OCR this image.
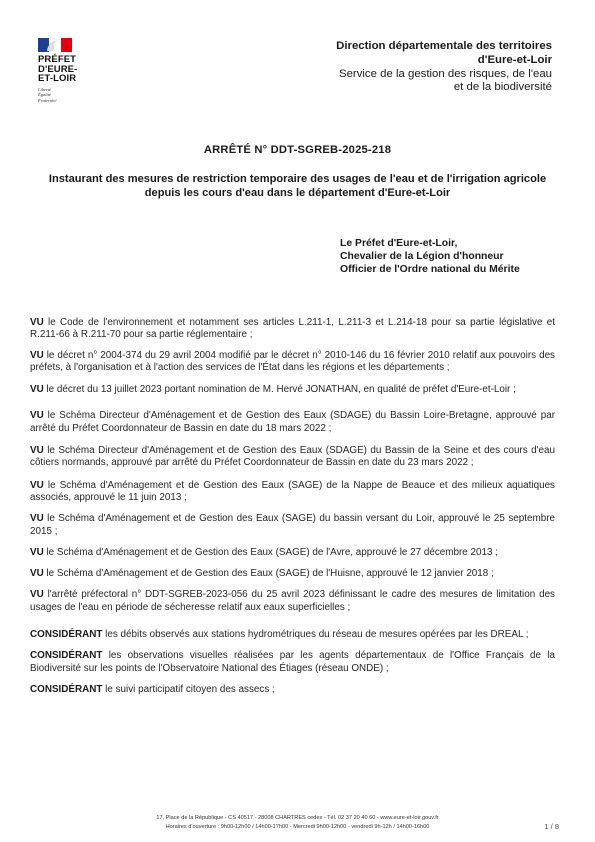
PRÉFET
D'EURE-
ET-LOIR
Liberté
Égalité
Fraternité
Direction départementale des territoires
d'Eure-et-Loir
Service de la gestion des risques, de l'eau
et de la biodiversité
ARRÊTÉ N° DDT-SGREB-2025-218
Instaurant des mesures de restriction temporaire des usages de l'eau et de l'irrigation agricole depuis les cours d'eau dans le département d'Eure-et-Loir
Le Préfet d'Eure-et-Loir,
Chevalier de la Légion d'honneur
Officier de l'Ordre national du Mérite

VU le Code de l'environnement et notamment ses articles L.211-1, L.211-3 et L.214-18 pour sa partie législative et R.211-66 à R.211-70 pour sa partie réglementaire ;

VU le décret n° 2004-374 du 29 avril 2004 modifié par le décret n° 2010-146 du 16 février 2010 relatif aux pouvoirs des préfets, à l'organisation et à l'action des services de l'État dans les régions et les départements ;

VU le décret du 13 juillet 2023 portant nomination de M. Hervé JONATHAN, en qualité de préfet d'Eure-et-Loir ;

VU le Schéma Directeur d'Aménagement et de Gestion des Eaux (SDAGE) du Bassin Loire-Bretagne, approuvé par arrêté du Préfet Coordonnateur de Bassin en date du 18 mars 2022 ;

VU le Schéma Directeur d'Aménagement et de Gestion des Eaux (SDAGE) du Bassin de la Seine et des cours d'eau côtiers normands, approuvé par arrêté du Préfet Coordonnateur de Bassin en date du 23 mars 2022 ;

VU le Schéma d'Aménagement et de Gestion des Eaux (SAGE) de la Nappe de Beauce et des milieux aquatiques associés, approuvé le 11 juin 2013 ;

VU le Schéma d'Aménagement et de Gestion des Eaux (SAGE) du bassin versant du Loir, approuvé le 25 septembre 2015 ;

VU le Schéma d'Aménagement et de Gestion des Eaux (SAGE) de l'Avre, approuvé le 27 décembre 2013 ;

VU le Schéma d'Aménagement et de Gestion des Eaux (SAGE) de l'Huisne, approuvé le 12 janvier 2018 ;

VU l'arrêté préfectoral n° DDT-SGREB-2023-056 du 25 avril 2023 définissant le cadre des mesures de limitation des usages de l'eau en période de sécheresse relatif aux eaux superficielles ;

CONSIDÉRANT les débits observés aux stations hydrométriques du réseau de mesures opérées par les DREAL ;

CONSIDÉRANT les observations visuelles réalisées par les agents départementaux de l'Office Français de la Biodiversité sur les points de l'Observatoire National des Étiages (réseau ONDE) ;

CONSIDÉRANT le suivi participatif citoyen des assecs ;

17, Place de la République - CS 40517 - 28008 CHARTRES cedex - Tél. 02 37 20 40 60 - www.eure-et-loir.gouv.fr
Horaires d'ouverture : 9h00-12h00 / 14h00-17h00 - Mercredi 9h00-12h00 - vendredi 9h-12h / 14h00-16h00	1 / 8
